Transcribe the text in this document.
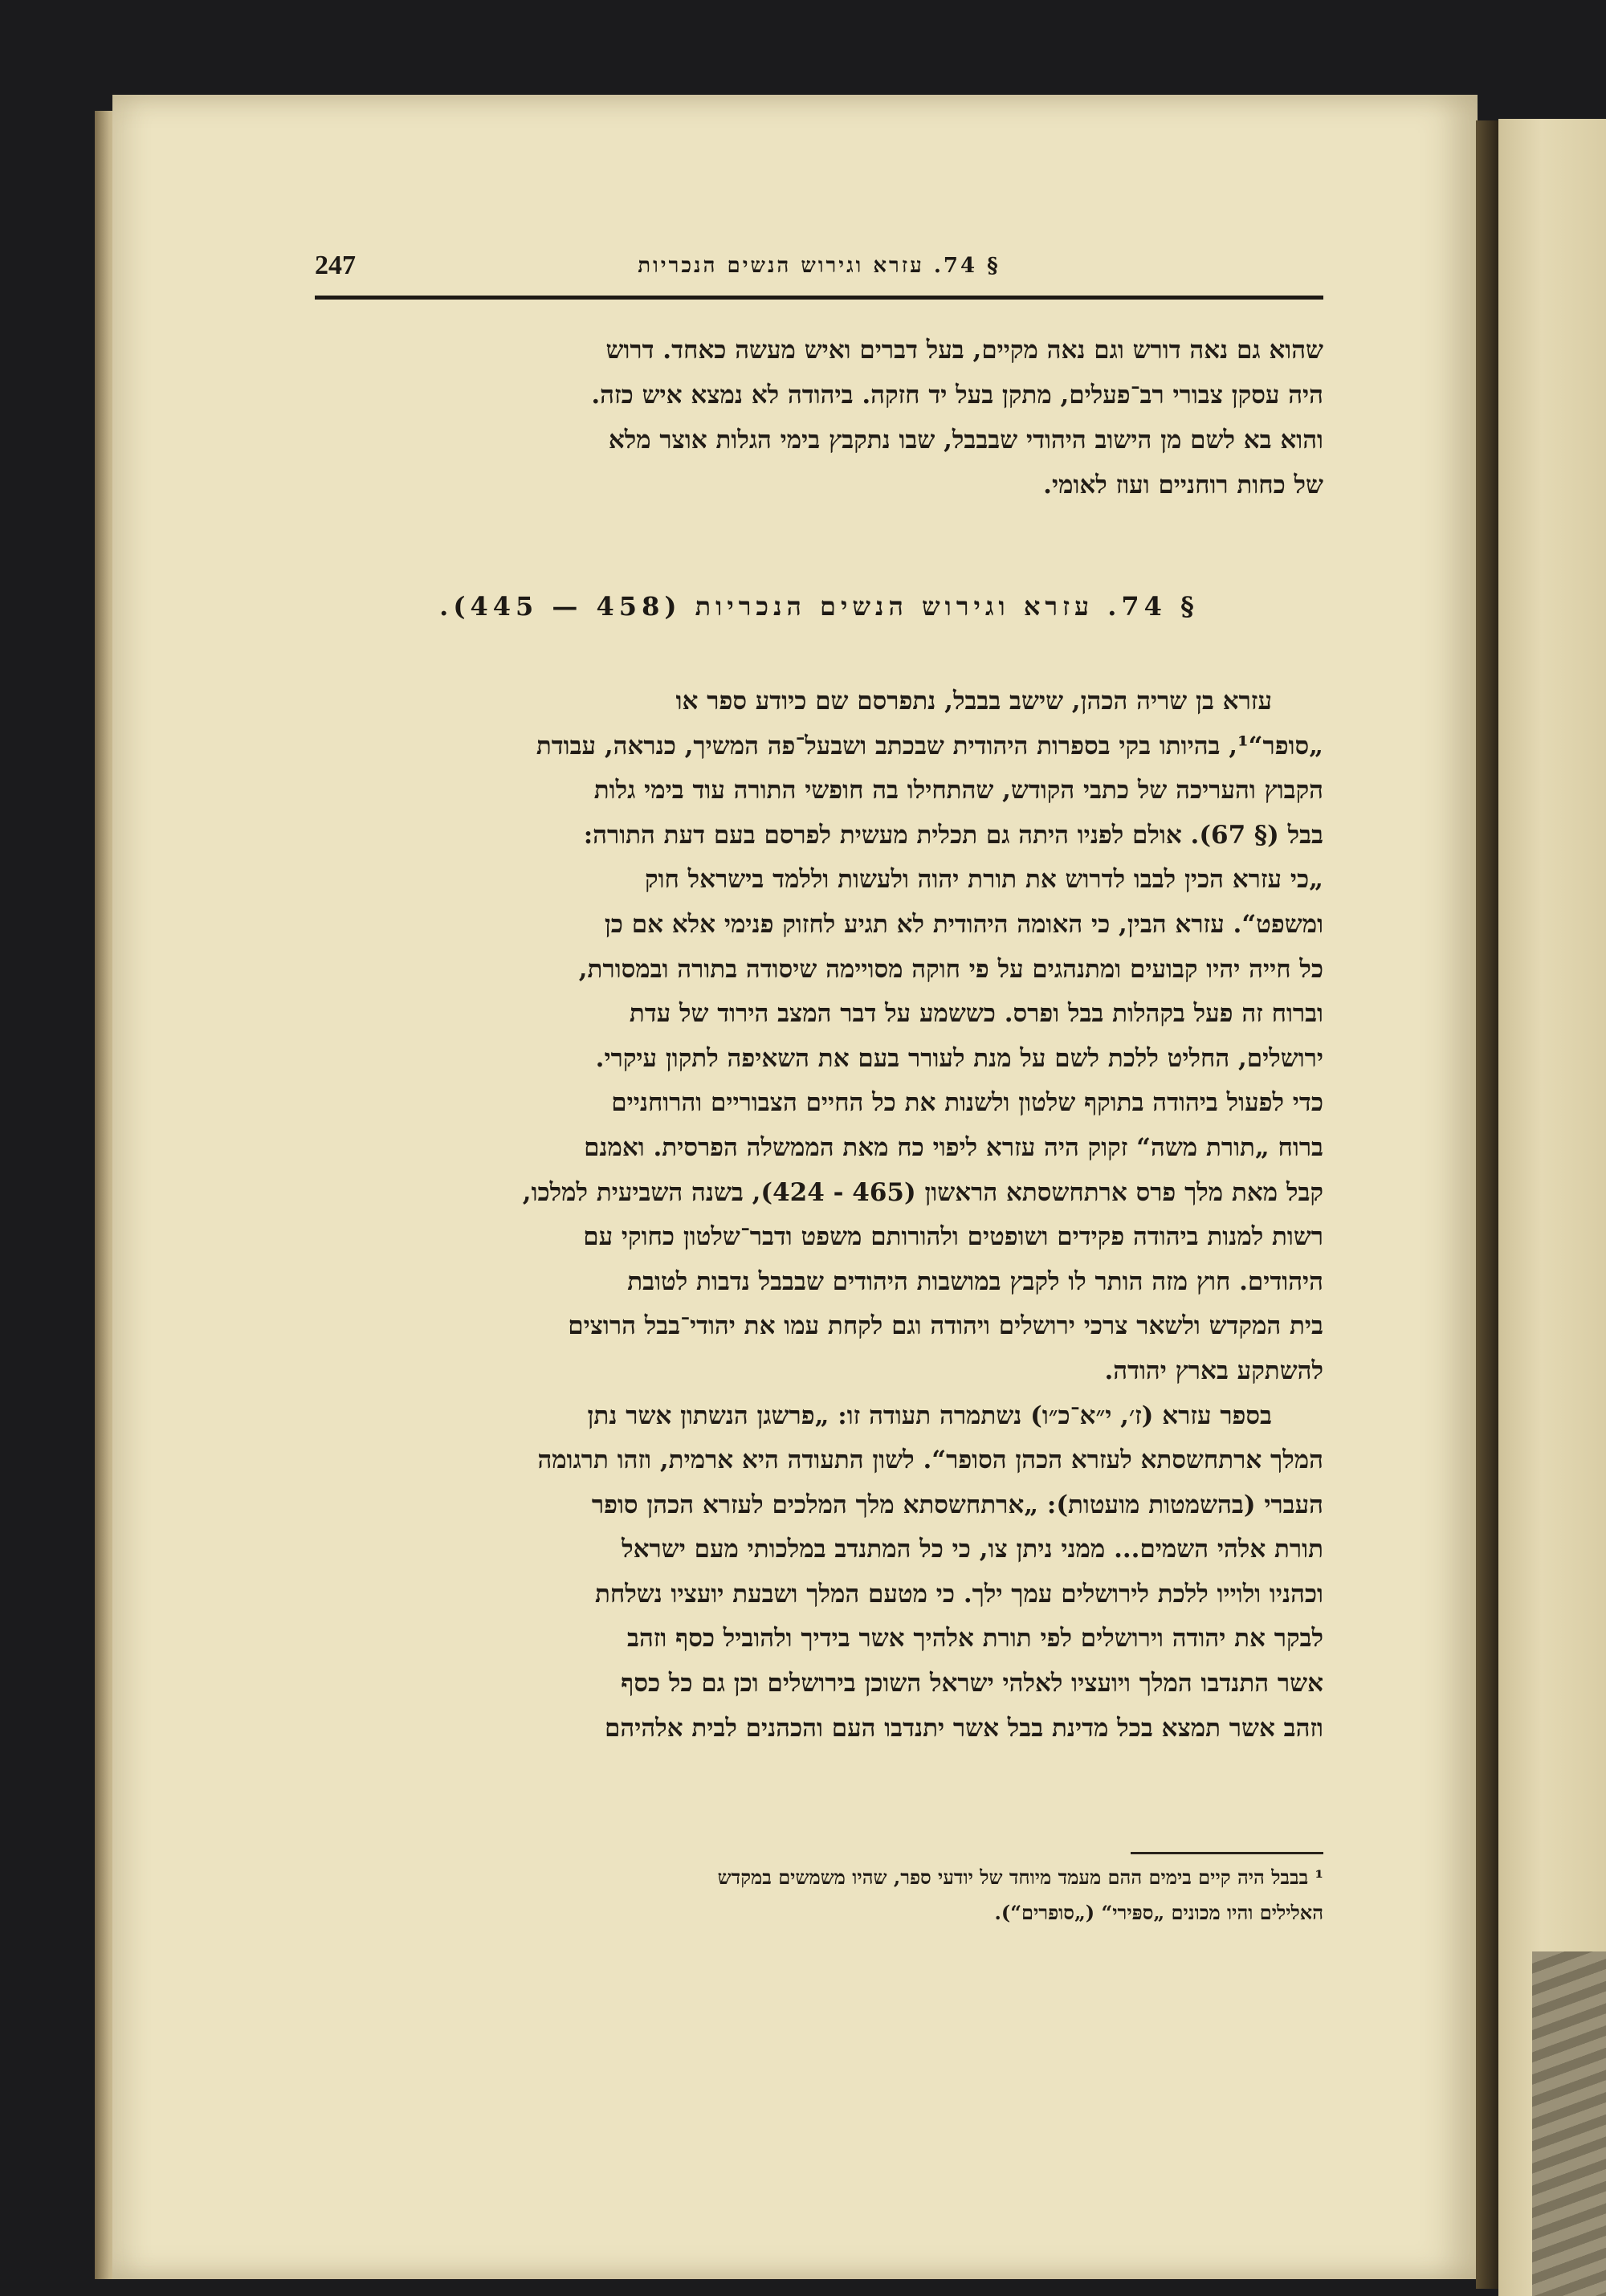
247	§ 74. עזרא וגירוש הנשים הנכריות
שהוא גם נאה דורש וגם נאה מקיים, בעל דברים ואיש מעשה כאחד. דרוש
היה עסקן צבורי רב־פעלים, מתקן בעל יד חזקה. ביהודה לא נמצא איש כזה.
והוא בא לשם מן הישוב היהודי שבבבל, שבו נתקבץ בימי הגלות אוצר מלא
של כחות רוחניים ועוז לאומי.
§ 74. עזרא וגירוש הנשים הנכריות (458 — 445).
עזרא בן שריה הכהן, שישב בבבל, נתפרסם שם כיודע ספר או
„סופר“¹, בהיותו בקי בספרות היהודית שבכתב ושבעל־פה המשיך, כנראה, עבודת
הקבוץ והעריכה של כתבי הקודש, שהתחילו בה חופשי התורה עוד בימי גלות
בבל (§ 67). אולם לפניו היתה גם תכלית מעשית לפרסם בעם דעת התורה:
„כי עזרא הכין לבבו לדרוש את תורת יהוה ולעשות וללמד בישראל חוק
ומשפט“. עזרא הבין, כי האומה היהודית לא תגיע לחזוק פנימי אלא אם כן
כל חייה יהיו קבועים ומתנהגים על פי חוקה מסויימה שיסודה בתורה ובמסורת,
וברוח זה פעל בקהלות בבל ופרס. כששמע על דבר המצב הירוד של עדת
ירושלים, החליט ללכת לשם על מנת לעורר בעם את השאיפה לתקון עיקרי.
כדי לפעול ביהודה בתוקף שלטון ולשנות את כל החיים הצבוריים והרוחניים
ברוח „תורת משה“ זקוק היה עזרא ליפוי כח מאת הממשלה הפרסית. ואמנם
קבל מאת מלך פרס ארתחשסתא הראשון (465 - 424), בשנה השביעית למלכו,
רשות למנות ביהודה פקידים ושופטים ולהורותם משפט ודבר־שלטון כחוקי עם
היהודים. חוץ מזה הותר לו לקבץ במושבות היהודים שבבבל נדבות לטובת
בית המקדש ולשאר צרכי ירושלים ויהודה וגם לקחת עמו את יהודי־בבל הרוצים
להשתקע בארץ יהודה.
בספר עזרא (ז׳, י״א־כ״ו) נשתמרה תעודה זו: „פרשגן הנשתון אשר נתן
המלך ארתחשסתא לעזרא הכהן הסופר“. לשון התעודה היא ארמית, וזהו תרגומה
העברי (בהשמטות מועטות): „ארתחשסתא מלך המלכים לעזרא הכהן סופר
תורת אלהי השמים... ממני ניתן צו, כי כל המתנדב במלכותי מעם ישראל
וכהניו ולוייו ללכת לירושלים עמך ילך. כי מטעם המלך ושבעת יועציו נשלחת
לבקר את יהודה וירושלים לפי תורת אלהיך אשר בידיך ולהוביל כסף וזהב
אשר התנדבו המלך ויועציו לאלהי ישראל השוכן בירושלים וכן גם כל כסף
וזהב אשר תמצא בכל מדינת בבל אשר יתנדבו העם והכהנים לבית אלהיהם
¹ בבבל היה קיים בימים ההם מעמד מיוחד של יודעי ספר, שהיו משמשים במקדש
האלילים והיו מכונים „ספּירי“ („סופרים“).
